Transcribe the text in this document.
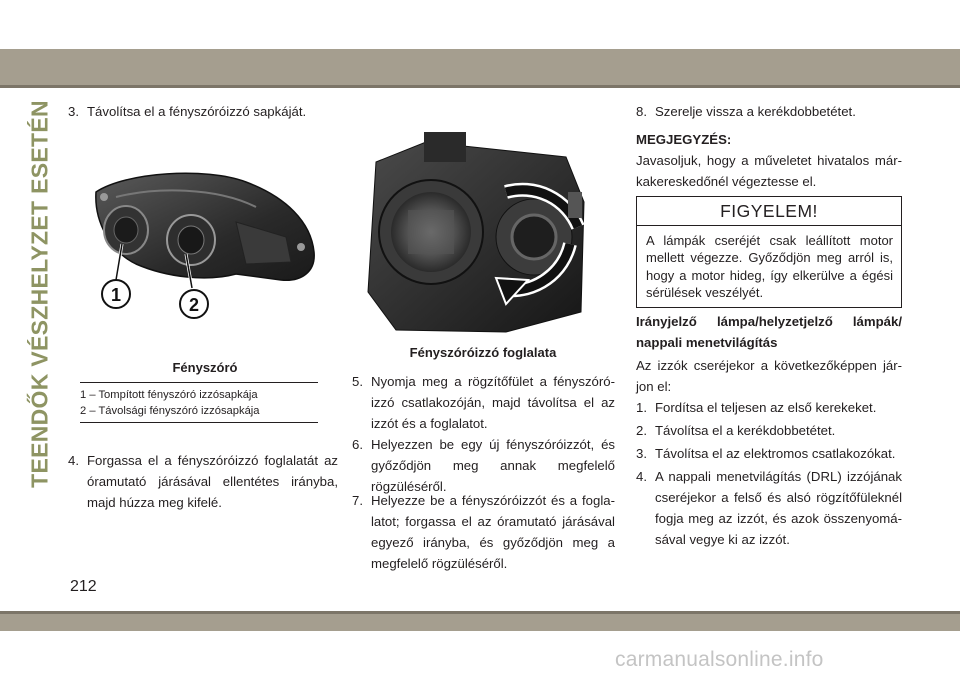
TEENDŐK VÉSZHELYZET ESETÉN 3. Távolítsa el a fényszóróizzó sapkáját.
1	2
Fényszóró
1 – Tompított fényszóró izzósapkája
2 – Távolsági fényszóró izzósapkája
4. Forgassa el a fényszóróizzó foglalatát az óramutató járásával ellentétes irányba, majd húzza meg kifelé.
Fényszóróizzó foglalata
5. Nyomja meg a rögzítőfület a fényszóró-izzó csatlakozóján, majd távolítsa el az izzót és a foglalatot.
6. Helyezzen be egy új fényszóróizzót, és győződjön meg annak megfelelő rögzüléséről.
7. Helyezze be a fényszóróizzót és a fogla-latot; forgassa el az óramutató járásával egyező irányba, és győződjön meg a megfelelő rögzüléséről.
8. Szerelje vissza a kerékdobbetétet.
MEGJEGYZÉS:
Javasoljuk, hogy a műveletet hivatalos már-kakereskedőnél végeztesse el.
FIGYELEM!
A lámpák cseréjét csak leállított motor mellett végezze. Győződjön meg arról is, hogy a motor hideg, így elkerülve a égési sérülések veszélyét.
Irányjelző lámpa/helyzetjelző lámpák/ nappali menetvilágítás
Az izzók cseréjekor a következőképpen jár-jon el:
1. Fordítsa el teljesen az első kerekeket.
2. Távolítsa el a kerékdobbetétet.
3. Távolítsa el az elektromos csatlakozókat.
4. A nappali menetvilágítás (DRL) izzójának cseréjekor a felső és alsó rögzítőfüleknél fogja meg az izzót, és azok összenyomá-sával vegye ki az izzót.
212
carmanualsonline.info
